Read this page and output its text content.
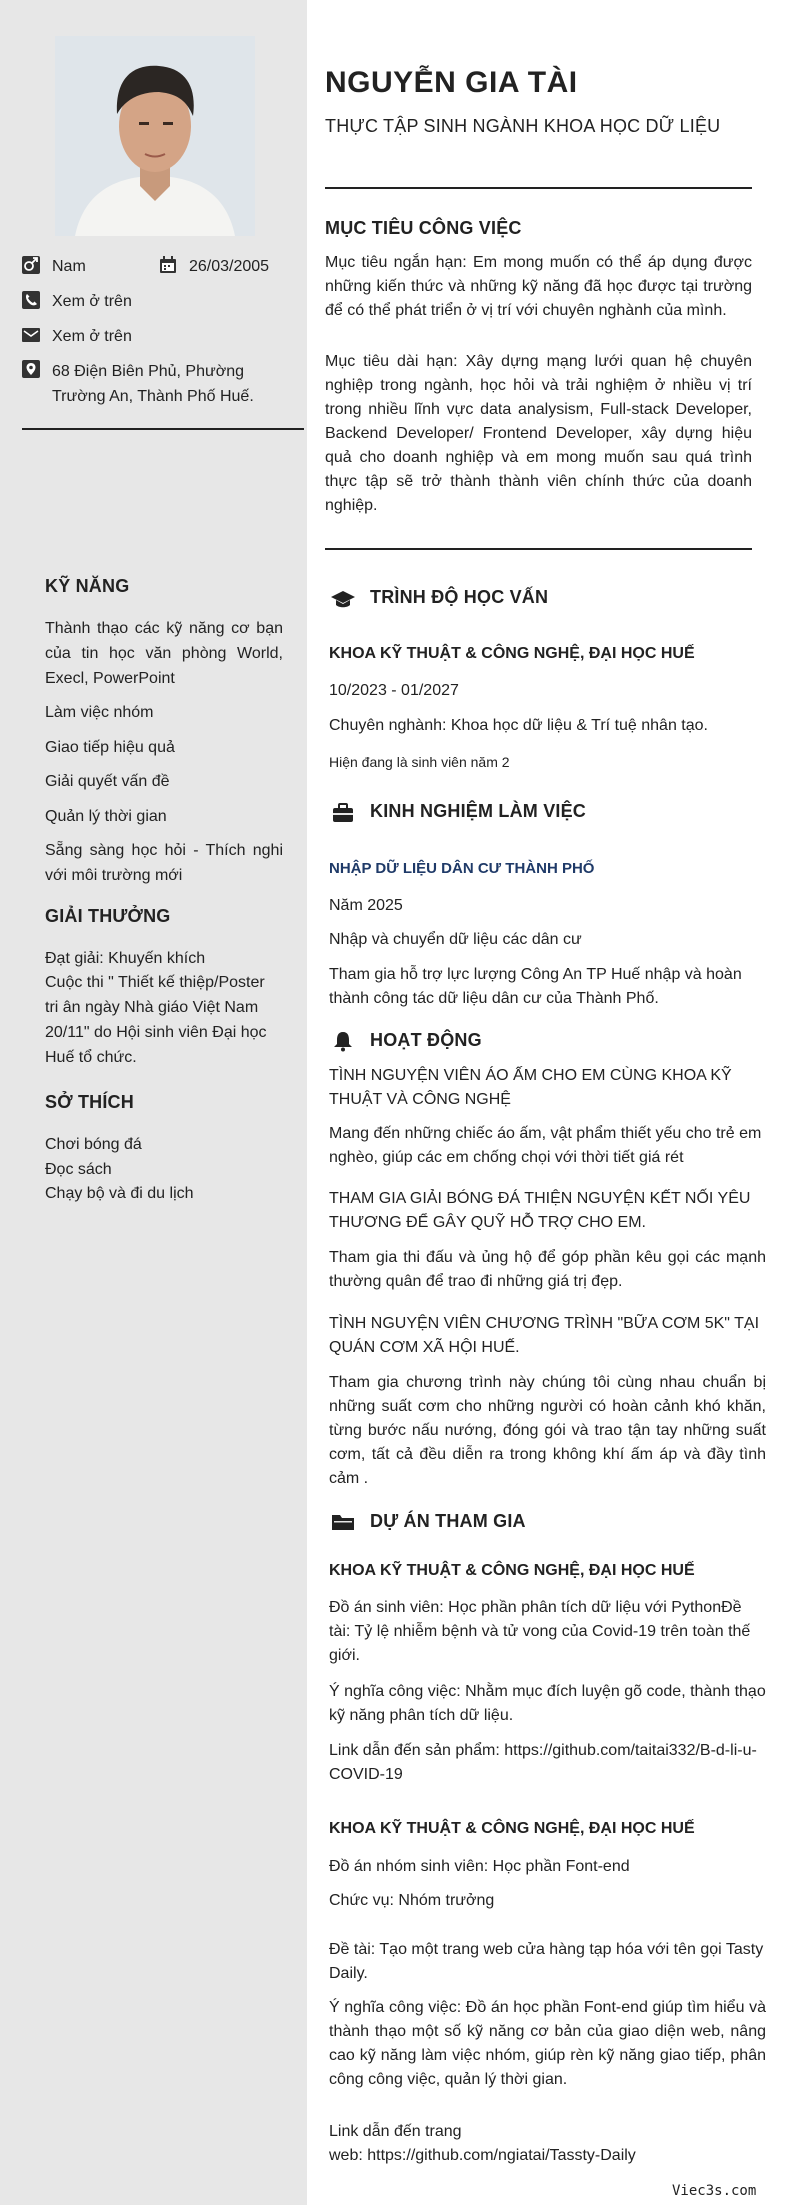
Nam	26/03/2005
Xem ở trên
Xem ở trên
68 Điện Biên Phủ, Phường
Trường An, Thành Phố Huế.
KỸ NĂNG
Thành thạo các kỹ năng cơ bạn của tin học văn phòng World, Execl, PowerPoint
Làm việc nhóm
Giao tiếp hiệu quả
Giải quyết vấn đề
Quản lý thời gian
Sẵng sàng học hỏi - Thích nghi với môi trường mới
GIẢI THƯỞNG
Đạt giải: Khuyến khích
Cuộc thi " Thiết kế thiệp/Poster tri ân ngày Nhà giáo Việt Nam 20/11" do Hội sinh viên Đại học Huế tổ chức.
SỞ THÍCH
Chơi bóng đá
Đọc sách
Chạy bộ và đi du lịch
NGUYỄN GIA TÀI
THỰC TẬP SINH NGÀNH KHOA HỌC DỮ LIỆU
MỤC TIÊU CÔNG VIỆC
Mục tiêu ngắn hạn: Em mong muốn có thể áp dụng được những kiến thức và những kỹ năng đã học được tại trường để có thể phát triển ở vị trí với chuyên nghành của mình.
Mục tiêu dài hạn: Xây dựng mạng lưới quan hệ chuyên nghiệp trong ngành, học hỏi và trải nghiệm ở nhiều vị trí trong nhiều lĩnh vực data analysism, Full-stack Developer, Backend Developer/ Frontend Developer, xây dựng hiệu quả cho doanh nghiệp và em mong muốn sau quá trình thực tập sẽ trở thành thành viên chính thức của doanh nghiệp.
TRÌNH ĐỘ HỌC VẤN
KHOA KỸ THUẬT & CÔNG NGHỆ, ĐẠI HỌC HUẾ
10/2023 - 01/2027
Chuyên nghành: Khoa học dữ liệu & Trí tuệ nhân tạo.
Hiện đang là sinh viên năm 2
KINH NGHIỆM LÀM VIỆC
NHẬP DỮ LIỆU DÂN CƯ THÀNH PHỐ
Năm 2025
Nhập và chuyển dữ liệu các dân cư
Tham gia hỗ trợ lực lượng Công An TP Huế nhập và hoàn thành công tác dữ liệu dân cư của Thành Phố.
HOẠT ĐỘNG
TÌNH NGUYỆN VIÊN ÁO ẤM CHO EM CÙNG KHOA KỸ THUẬT VÀ CÔNG NGHỆ
Mang đến những chiếc áo ấm, vật phẩm thiết yếu cho trẻ em nghèo, giúp các em chống chọi với thời tiết giá rét
THAM GIA GIẢI BÓNG ĐÁ THIỆN NGUYỆN KẾT NỐI YÊU THƯƠNG ĐỂ GÂY QUỸ HỖ TRỢ CHO EM.
Tham gia thi đấu và ủng hộ để góp phần kêu gọi các mạnh thường quân để trao đi những giá trị đẹp.
TÌNH NGUYỆN VIÊN CHƯƠNG TRÌNH "BỮA CƠM 5K" TẠI QUÁN CƠM XÃ HỘI HUẾ.
Tham gia chương trình này chúng tôi cùng nhau chuẩn bị những suất cơm cho những người có hoàn cảnh khó khăn, từng bước nấu nướng, đóng gói và trao tận tay những suất cơm, tất cả đều diễn ra trong không khí ấm áp và đầy tình cảm .
DỰ ÁN THAM GIA
KHOA KỸ THUẬT & CÔNG NGHỆ, ĐẠI HỌC HUẾ
Đồ án sinh viên: Học phần phân tích dữ liệu với PythonĐề tài: Tỷ lệ nhiễm bệnh và tử vong của Covid-19 trên toàn thế giới.
Ý nghĩa công việc: Nhằm mục đích luyện gõ code, thành thạo kỹ năng phân tích dữ liệu.
Link dẫn đến sản phẩm: https://github.com/taitai332/B-d-li-u-COVID-19
KHOA KỸ THUẬT & CÔNG NGHỆ, ĐẠI HỌC HUẾ
Đồ án nhóm sinh viên: Học phần Font-end
Chức vụ: Nhóm trưởng
Đề tài: Tạo một trang web cửa hàng tạp hóa với tên gọi Tasty Daily.
Ý nghĩa công việc: Đồ án học phần Font-end giúp tìm hiểu và thành thạo một số kỹ năng cơ bản của giao diện web, nâng cao kỹ năng làm việc nhóm, giúp rèn kỹ năng giao tiếp, phân công công việc, quản lý thời gian.
Link dẫn đến trang
web: https://github.com/ngiatai/Tassty-Daily
Viec3s.com
